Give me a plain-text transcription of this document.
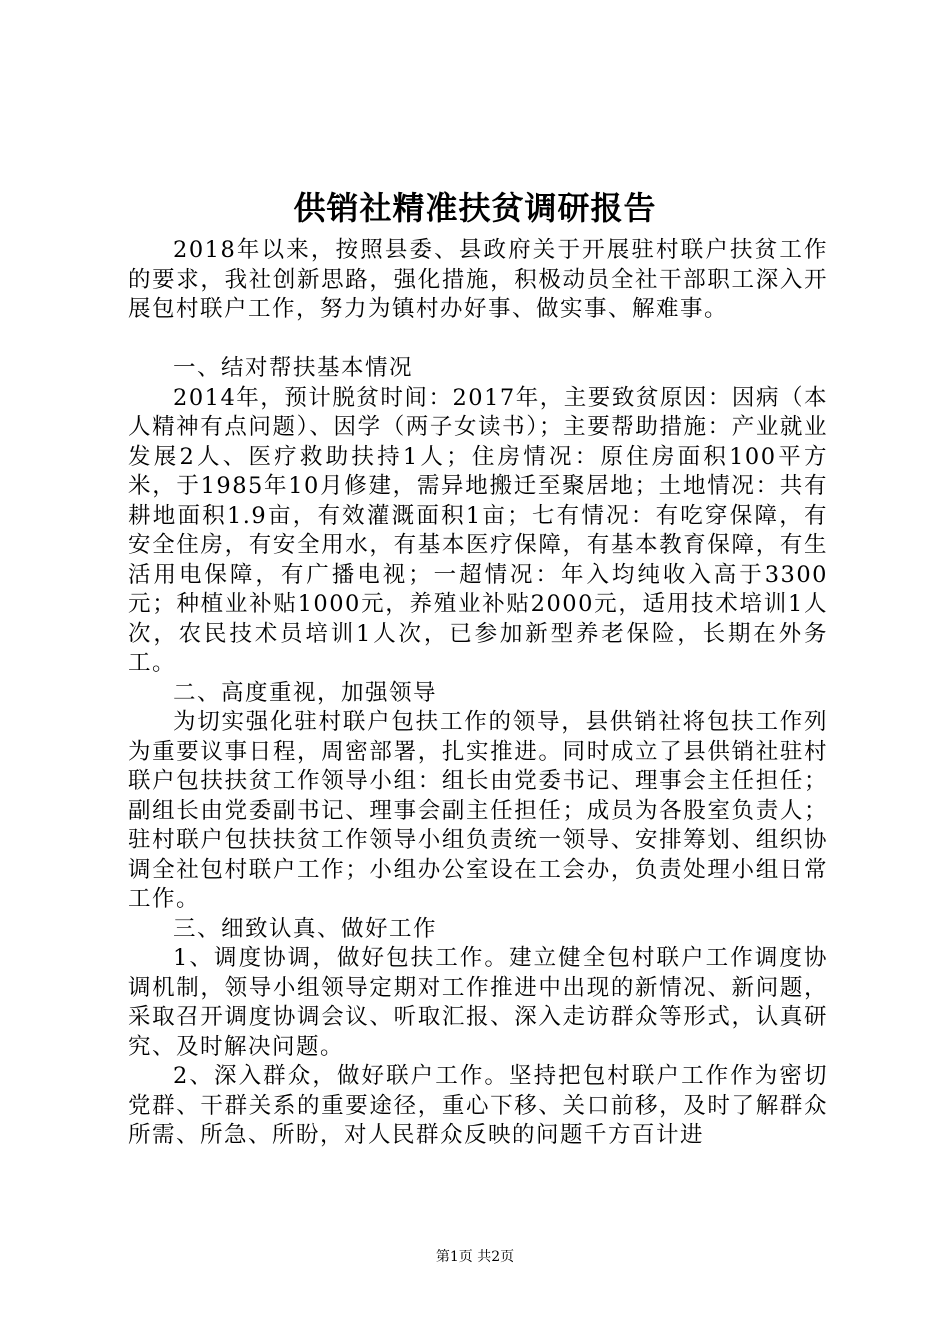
供销社精准扶贫调研报告

2018年以来，按照县委、县政府关于开展驻村联户扶贫工作的要求，我社创新思路，强化措施，积极动员全社干部职工深入开展包村联户工作，努力为镇村办好事、做实事、解难事。

一、结对帮扶基本情况

2014年，预计脱贫时间：2017年，主要致贫原因：因病（本人精神有点问题）、因学（两子女读书）；主要帮助措施：产业就业发展2人、医疗救助扶持1人；住房情况：原住房面积100平方米，于1985年10月修建，需异地搬迁至聚居地；土地情况：共有耕地面积1.9亩，有效灌溉面积1亩；七有情况：有吃穿保障，有安全住房，有安全用水，有基本医疗保障，有基本教育保障，有生活用电保障，有广播电视；一超情况：年入均纯收入高于3300元；种植业补贴1000元，养殖业补贴2000元，适用技术培训1人次，农民技术员培训1人次，已参加新型养老保险，长期在外务工。

二、高度重视，加强领导

为切实强化驻村联户包扶工作的领导，县供销社将包扶工作列为重要议事日程，周密部署，扎实推进。同时成立了县供销社驻村联户包扶扶贫工作领导小组：组长由党委书记、理事会主任担任；副组长由党委副书记、理事会副主任担任；成员为各股室负责人；驻村联户包扶扶贫工作领导小组负责统一领导、安排筹划、组织协调全社包村联户工作；小组办公室设在工会办，负责处理小组日常工作。

三、细致认真、做好工作

1、调度协调，做好包扶工作。建立健全包村联户工作调度协调机制，领导小组领导定期对工作推进中出现的新情况、新问题，采取召开调度协调会议、听取汇报、深入走访群众等形式，认真研究、及时解决问题。

2、深入群众，做好联户工作。坚持把包村联户工作作为密切党群、干群关系的重要途径，重心下移、关口前移，及时了解群众所需、所急、所盼，对人民群众反映的问题千方百计进

第1页 共2页
